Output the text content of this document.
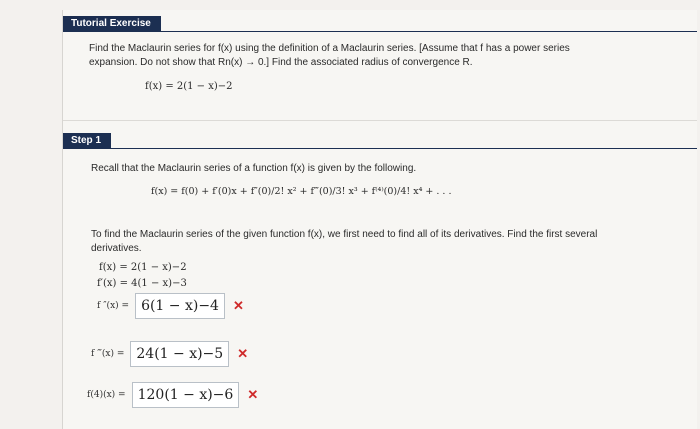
Tutorial Exercise
Find the Maclaurin series for f(x) using the definition of a Maclaurin series. [Assume that f has a power series
expansion. Do not show that Rn(x) → 0.] Find the associated radius of convergence R.
f(x) = 2(1 − x)−2
Step 1
Recall that the Maclaurin series of a function f(x) is given by the following.
f(x) = f(0) + f′(0)x + f″(0)/2! x² + f‴(0)/3! x³ + f⁽⁴⁾(0)/4! x⁴ + . . .
To find the Maclaurin series of the given function f(x), we first need to find all of its derivatives. Find the first several
derivatives.
f(x) = 2(1 − x)−2
f′(x) = 4(1 − x)−3
f ″(x) = 6(1 − x)−4	✕
f ‴(x) = 24(1 − x)−5	✕
f(4)(x) = 120(1 − x)−6	✕
